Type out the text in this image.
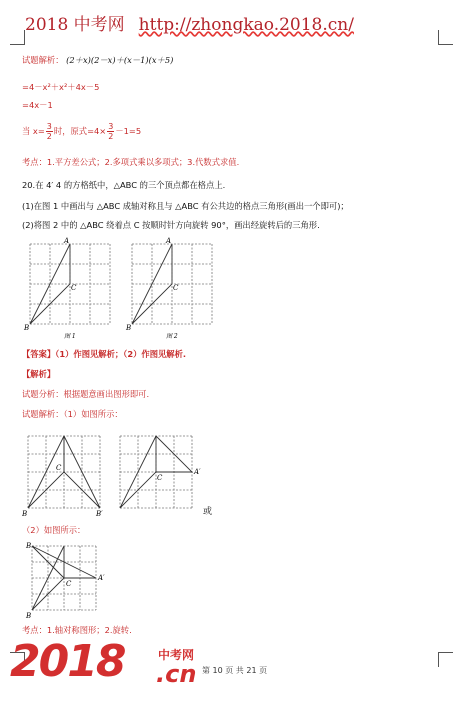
2018 中考网 http://zhongkao.2018.cn/
试题解析： (2＋x)(2－x)＋(x－1)(x＋5)
=4－x²＋x²＋4x－5
=4x－1
当 $x= \frac{3}{2}$ 时，原式$=4\times \frac{3}{2} -1=5$
考点：1.平方差公式；2.多项式乘以多项式；3.代数式求值.
20.在 4′ 4 的方格纸中，△ABC 的三个顶点都在格点上.
(1)在图 1 中画出与 △ABC 成轴对称且与 △ABC 有公共边的格点三角形(画出一个即可)；
(2)将图 2 中的 △ABC 绕着点 C 按顺时针方向旋转 90°，画出经旋转后的三角形.
A
B
C
图 1
A
B
C
图 2
【答案】（1）作图见解析；（2）作图见解析.
【解析】
试题分析：根据题意画出图形即可.
试题解析：（1）如图所示：
C
B	B′
C
A′
或
（2）如图所示：
B
B
C
A′
考点：1.轴对称图形；2.旋转.
2018	中考网
.cn 第 10 页 共 21 页
